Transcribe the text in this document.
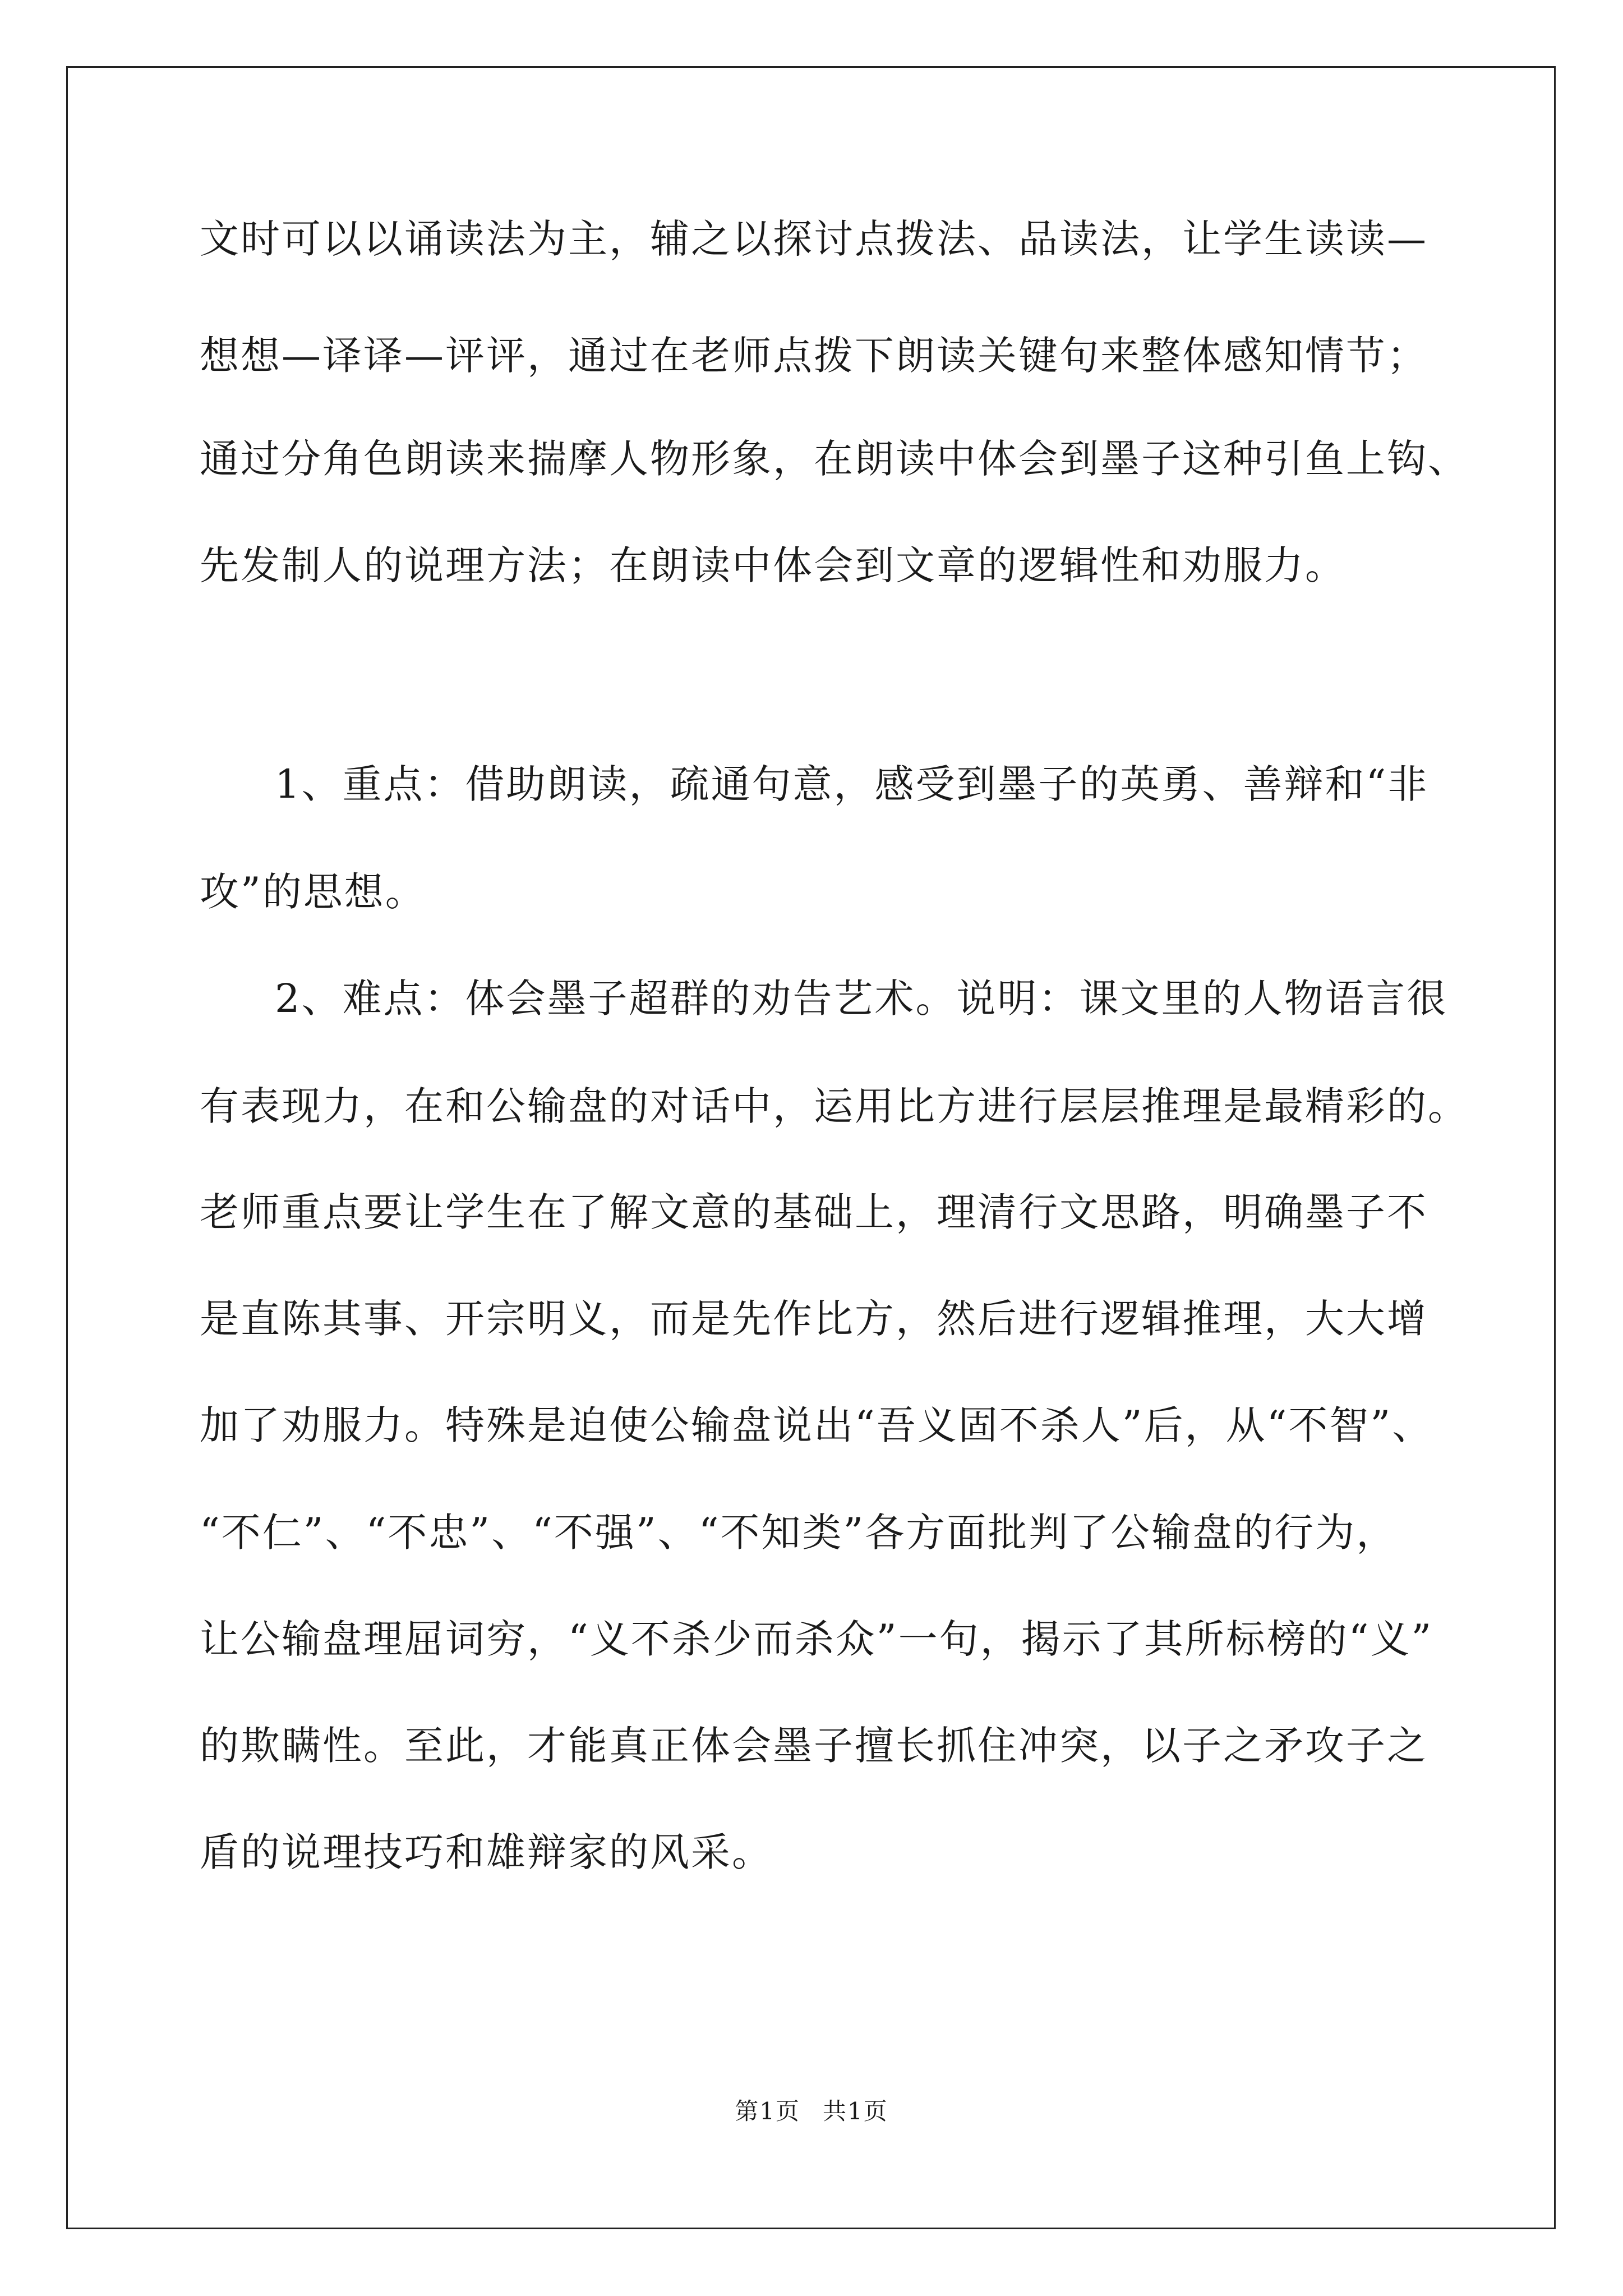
文时可以以诵读法为主，辅之以探讨点拨法、品读法，让学生读读—
想想—译译—评评，通过在老师点拨下朗读关键句来整体感知情节；
通过分角色朗读来揣摩人物形象，在朗读中体会到墨子这种引鱼上钩、
先发制人的说理方法；在朗读中体会到文章的逻辑性和劝服力。
1、重点：借助朗读，疏通句意，感受到墨子的英勇、善辩和“非
攻”的思想。
2、难点：体会墨子超群的劝告艺术。说明：课文里的人物语言很
有表现力，在和公输盘的对话中，运用比方进行层层推理是最精彩的。
老师重点要让学生在了解文意的基础上，理清行文思路，明确墨子不
是直陈其事、开宗明义，而是先作比方，然后进行逻辑推理，大大增
加了劝服力。特殊是迫使公输盘说出“吾义固不杀人”后，从“不智”、
“不仁”、“不忠”、“不强”、“不知类”各方面批判了公输盘的行为，
让公输盘理屈词穷，“义不杀少而杀众”一句，揭示了其所标榜的“义”
的欺瞒性。至此，才能真正体会墨子擅长抓住冲突，以子之矛攻子之
盾的说理技巧和雄辩家的风采。
第1页 共1页
